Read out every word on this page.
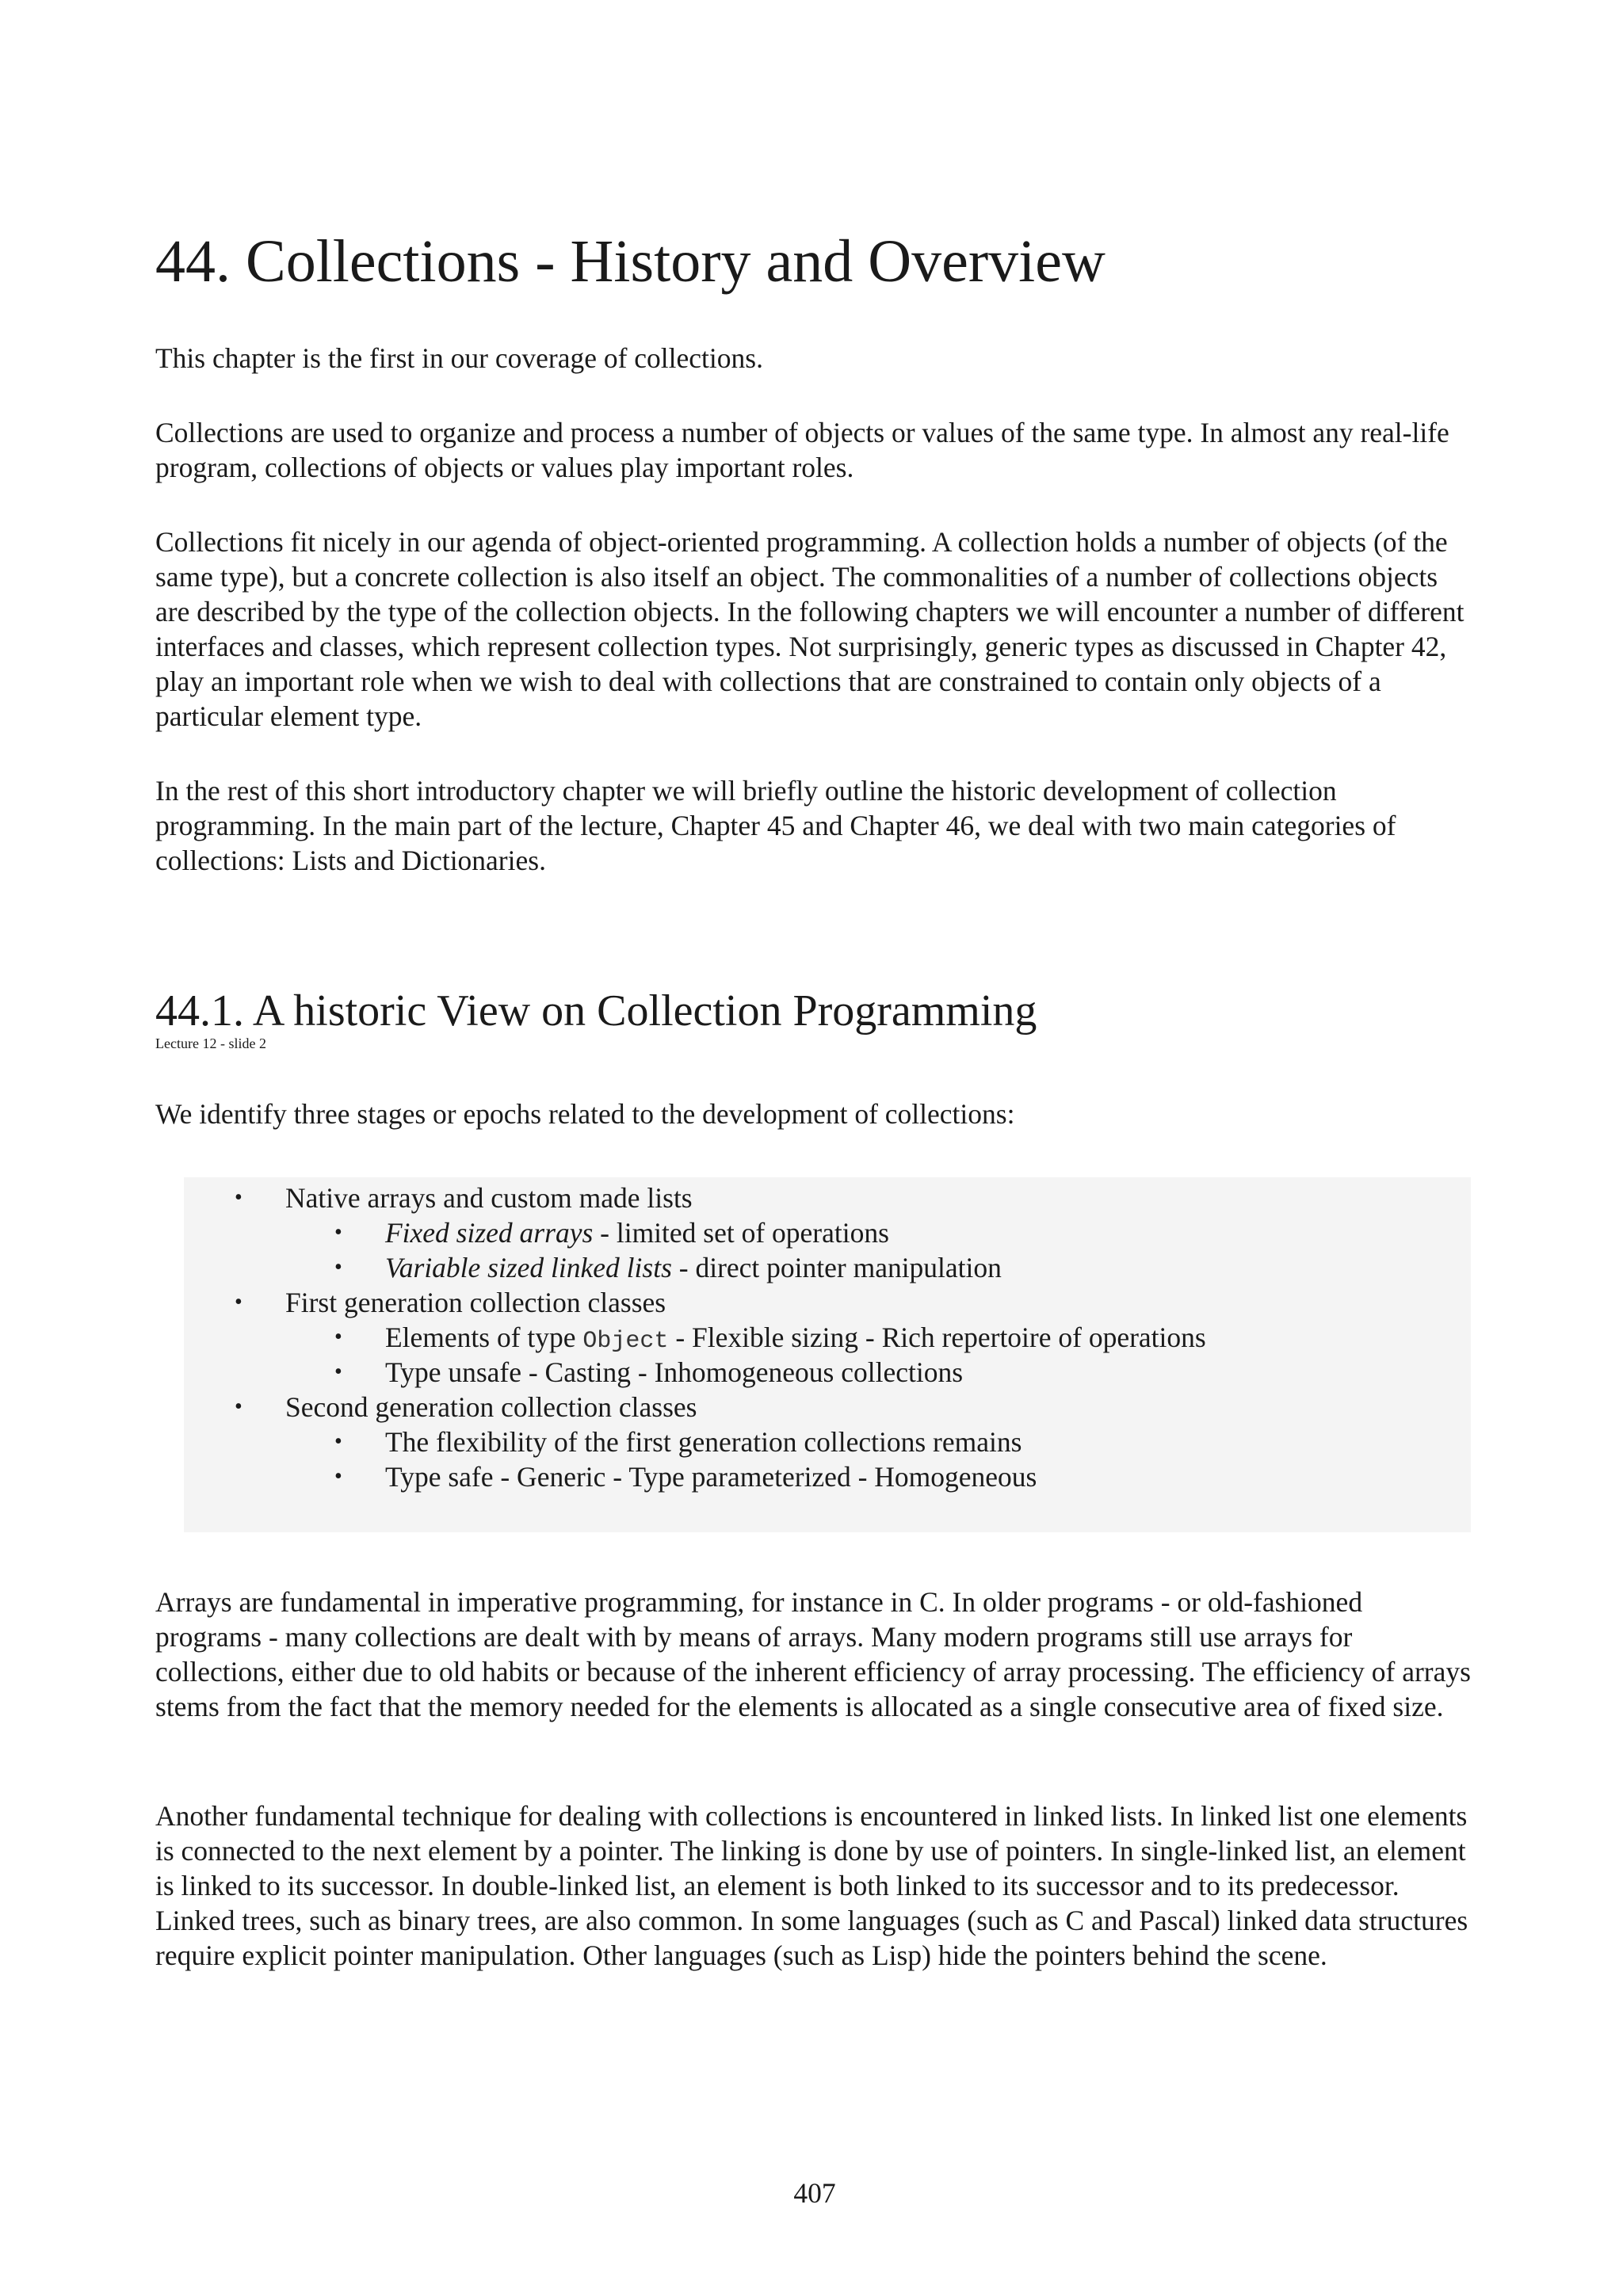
44. Collections - History and Overview

This chapter is the first in our coverage of collections.

Collections are used to organize and process a number of objects or values of the same type. In almost any real-life program, collections of objects or values play important roles.

Collections fit nicely in our agenda of object-oriented programming. A collection holds a number of objects (of the same type), but a concrete collection is also itself an object. The commonalities of a number of collections objects are described by the type of the collection objects. In the following chapters we will encounter a number of different interfaces and classes, which represent collection types. Not surprisingly, generic types as discussed in Chapter 42, play an important role when we wish to deal with collections that are constrained to contain only objects of a particular element type.

In the rest of this short introductory chapter we will briefly outline the historic development of collection programming. In the main part of the lecture, Chapter 45 and Chapter 46, we deal with two main categories of collections: Lists and Dictionaries.

44.1. A historic View on Collection Programming
Lecture 12 - slide 2

We identify three stages or epochs related to the development of collections:

• Native arrays and custom made lists
• Fixed sized arrays - limited set of operations
• Variable sized linked lists - direct pointer manipulation
• First generation collection classes
• Elements of type Object - Flexible sizing - Rich repertoire of operations
• Type unsafe - Casting - Inhomogeneous collections
• Second generation collection classes
• The flexibility of the first generation collections remains
• Type safe - Generic - Type parameterized - Homogeneous

Arrays are fundamental in imperative programming, for instance in C. In older programs - or old-fashioned programs - many collections are dealt with by means of arrays. Many modern programs still use arrays for collections, either due to old habits or because of the inherent efficiency of array processing. The efficiency of arrays stems from the fact that the memory needed for the elements is allocated as a single consecutive area of fixed size.

Another fundamental technique for dealing with collections is encountered in linked lists. In linked list one elements is connected to the next element by a pointer. The linking is done by use of pointers. In single-linked list, an element is linked to its successor. In double-linked list, an element is both linked to its successor and to its predecessor. Linked trees, such as binary trees, are also common. In some languages (such as C and Pascal) linked data structures require explicit pointer manipulation. Other languages (such as Lisp) hide the pointers behind the scene.

407
